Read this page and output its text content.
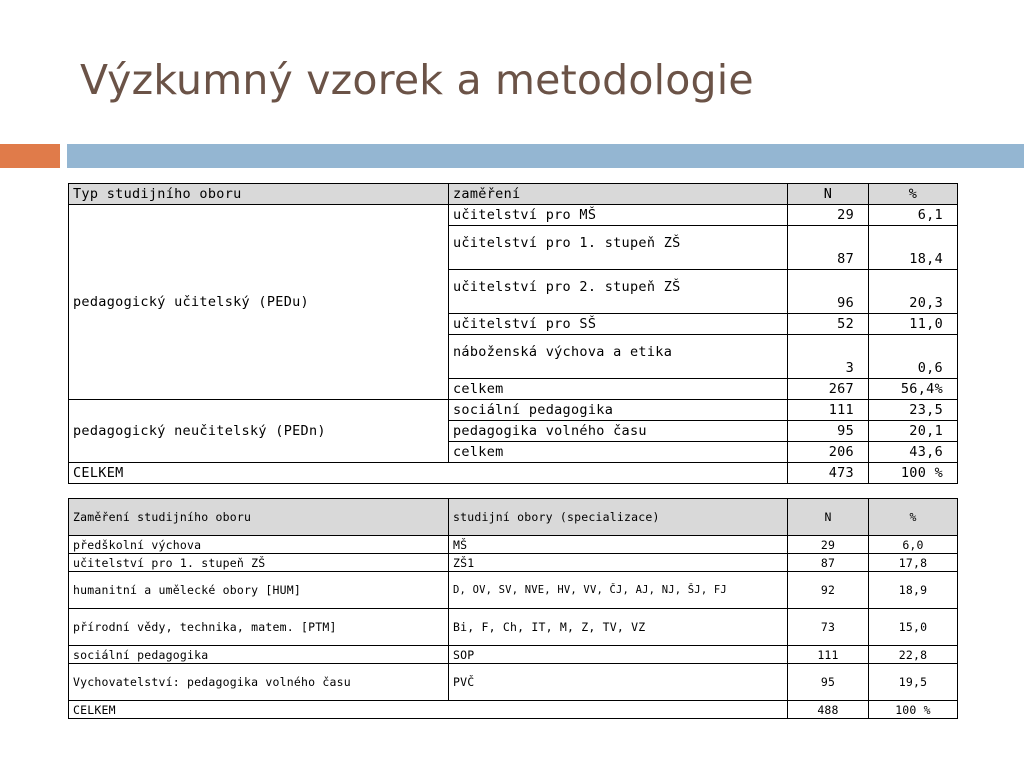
Výzkumný vzorek a metodologie
Typ studijního oboru	zaměření	N	%
pedagogický učitelský (PEDu)	učitelství pro MŠ	29	6,1
	učitelství pro 1. stupeň ZŠ	87	18,4
	učitelství pro 2. stupeň ZŠ	96	20,3
	učitelství pro SŠ	52	11,0
	náboženská výchova a etika	3	0,6
	celkem	267	56,4%
pedagogický neučitelský (PEDn)	sociální pedagogika	111	23,5
	pedagogika volného času	95	20,1
	celkem	206	43,6
CELKEM		473	100 %
Zaměření studijního oboru	studijní obory (specializace)	N	%
předškolní výchova	MŠ	29	6,0
učitelství pro 1. stupeň ZŠ	ZŠ1	87	17,8
humanitní a umělecké obory [HUM]	D, OV, SV, NVE, HV, VV, ČJ, AJ, NJ, ŠJ, FJ	92	18,9
přírodní vědy, technika, matem. [PTM]	Bi, F, Ch, IT, M, Z, TV, VZ	73	15,0
sociální pedagogika	SOP	111	22,8
Vychovatelství: pedagogika volného času	PVČ	95	19,5
CELKEM		488	100 %
